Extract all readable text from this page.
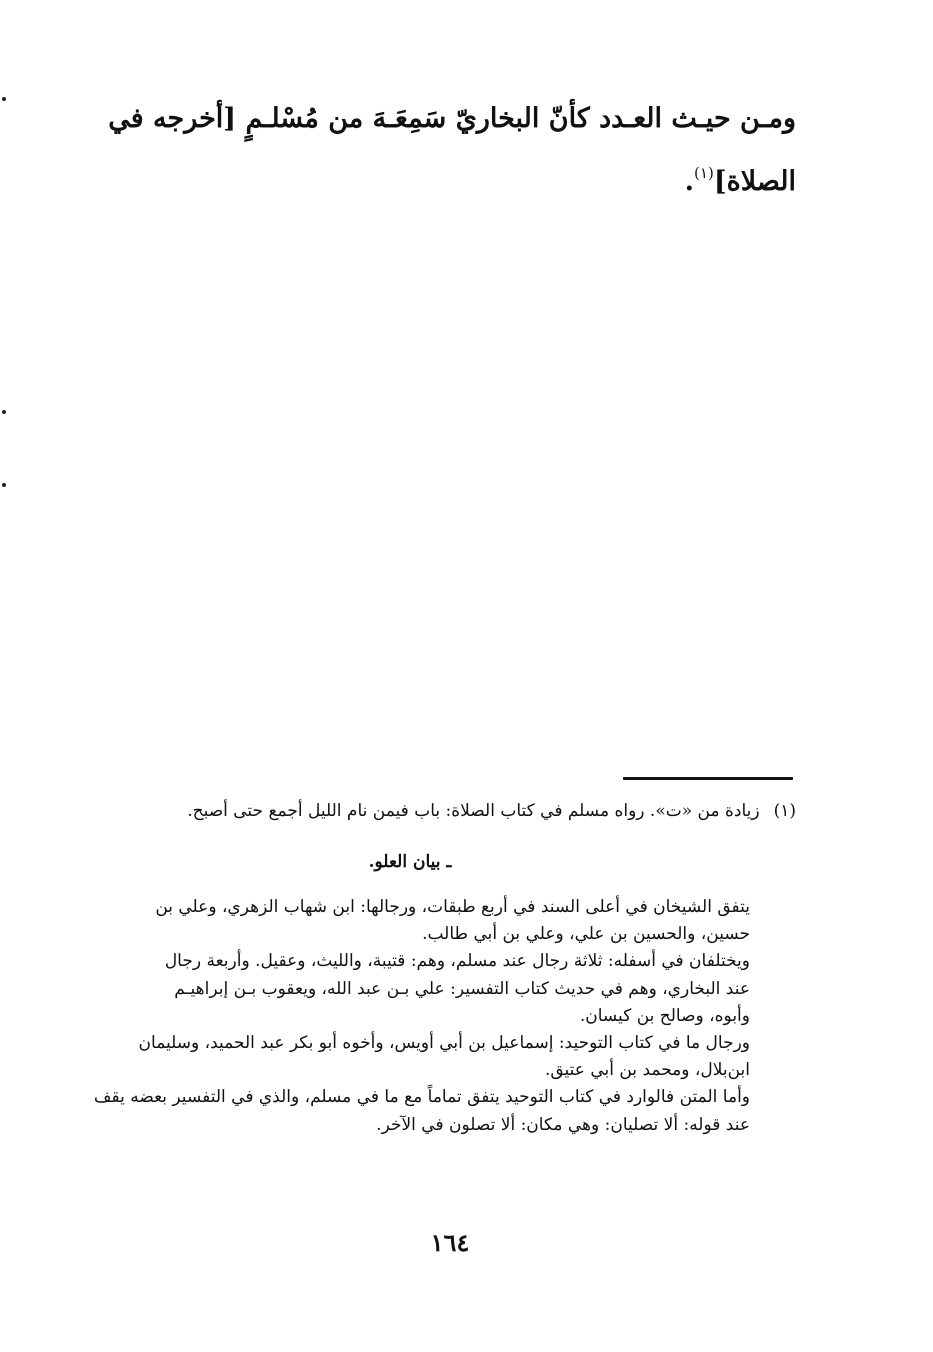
ومـن حيـث العـدد كأنّ البخاريّ سَمِعَـهَ من مُسْلـمٍ [أخرجه في
الصلاة]$^{(١)}$.
(١)زيادة من «ت». رواه مسلم في كتاب الصلاة: باب فيمن نام الليل أجمع حتى أصبح.
ـ بيان العلو.
يتفق الشيخان في أعلى السند في أربع طبقات، ورجالها: ابن شهاب الزهري، وعلي بن
حسين، والحسين بن علي، وعلي بن أبي طالب.
ويختلفان في أسفله: ثلاثة رجال عند مسلم، وهم: قتيبة، والليث، وعقيل. وأربعة رجال
عند البخاري، وهم في حديث كتاب التفسير: علي بـن عبد الله، ويعقوب بـن إبراهيـم
وأبوه، وصالح بن كيسان.
ورجال ما في كتاب التوحيد: إسماعيل بن أبي أويس، وأخوه أبو بكر عبد الحميد، وسليمان
ابن‌بلال، ومحمد بن أبي عتيق.
وأما المتن فالوارد في كتاب التوحيد يتفق تماماً مع ما في مسلم، والذي في التفسير بعضه يقف
عند قوله: ألا تصليان: وهي مكان: ألا تصلون في الآخر.
١٦٤
